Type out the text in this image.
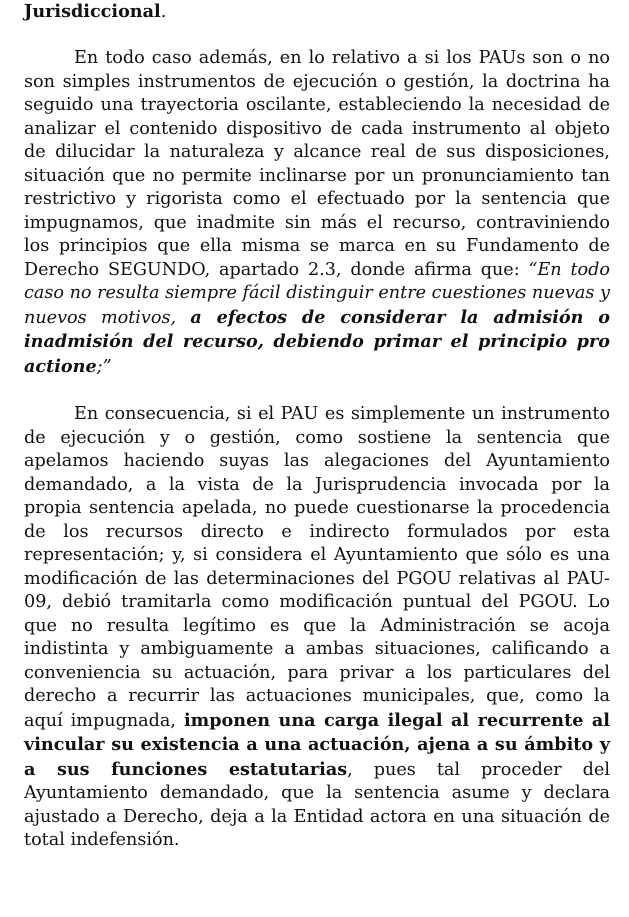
Jurisdiccional.

En todo caso además, en lo relativo a si los PAUs son o no son simples instrumentos de ejecución o gestión, la doctrina ha seguido una trayectoria oscilante, estableciendo la necesidad de analizar el contenido dispositivo de cada instrumento al objeto de dilucidar la naturaleza y alcance real de sus disposiciones, situación que no permite inclinarse por un pronunciamiento tan restrictivo y rigorista como el efectuado por la sentencia que impugnamos, que inadmite sin más el recurso, contraviniendo los principios que ella misma se marca en su Fundamento de Derecho SEGUNDO, apartado 2.3, donde afirma que: “En todo caso no resulta siempre fácil distinguir entre cuestiones nuevas y nuevos motivos, a efectos de considerar la admisión o inadmisión del recurso, debiendo primar el principio pro actione;”

En consecuencia, si el PAU es simplemente un instrumento de ejecución y o gestión, como sostiene la sentencia que apelamos haciendo suyas las alegaciones del Ayuntamiento demandado, a la vista de la Jurisprudencia invocada por la propia sentencia apelada, no puede cuestionarse la procedencia de los recursos directo e indirecto formulados por esta representación; y, si considera el Ayuntamiento que sólo es una modificación de las determinaciones del PGOU relativas al PAU-09, debió tramitarla como modificación puntual del PGOU. Lo que no resulta legítimo es que la Administración se acoja indistinta y ambiguamente a ambas situaciones, calificando a conveniencia su actuación, para privar a los particulares del derecho a recurrir las actuaciones municipales, que, como la aquí impugnada, imponen una carga ilegal al recurrente al vincular su existencia a una actuación, ajena a su ámbito y a sus funciones estatutarias, pues tal proceder del Ayuntamiento demandado, que la sentencia asume y declara ajustado a Derecho, deja a la Entidad actora en una situación de total indefensión.
